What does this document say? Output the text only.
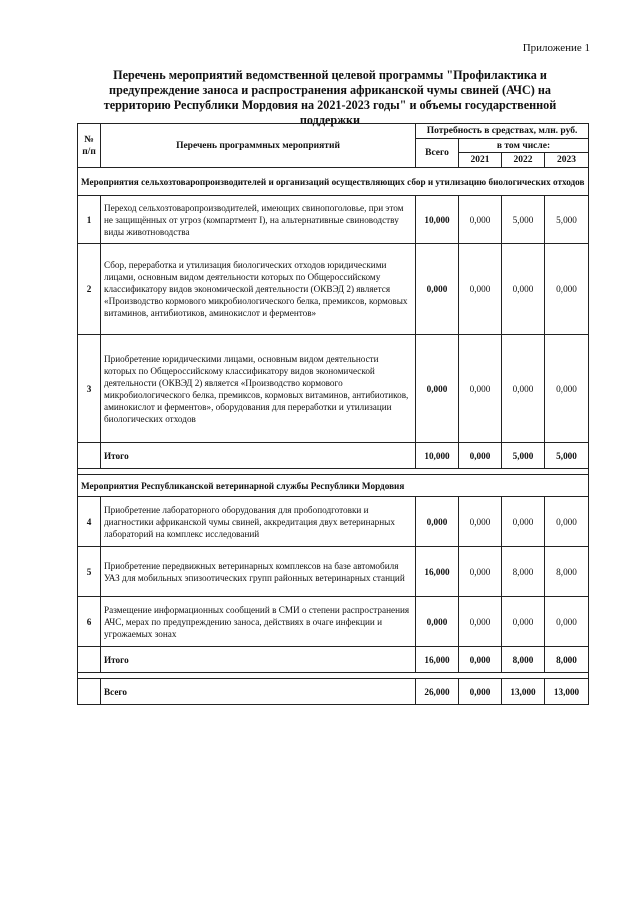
Приложение 1
Перечень мероприятий ведомственной целевой программы "Профилактика и предупреждение заноса и распространения африканской чумы свиней (АЧС) на территорию Республики Мордовия на 2021-2023 годы" и объемы государственной поддержки
№ п/п	Перечень программных мероприятий	Потребность в средствах, млн. руб.			
		Всего	в том числе:		
			2021	2022	2023
Мероприятия сельхозтоваропроизводителей и организаций осуществляющих сбор и утилизацию биологических отходов					
1	Переход сельхозтоваропроизводителей, имеющих свинопоголовье, при этом не защищённых от угроз (компартмент I), на альтернативные свиноводству виды животноводства	10,000	0,000	5,000	5,000
2	Сбор, переработка и утилизация биологических отходов юридическими лицами, основным видом деятельности которых по Общероссийскому классификатору видов экономической деятельности (ОКВЭД 2) является «Производство кормового микробиологического белка, премиксов, кормовых витаминов, антибиотиков, аминокислот и ферментов»	0,000	0,000	0,000	0,000
3	Приобретение юридическими лицами, основным видом деятельности которых по Общероссийскому классификатору видов экономической деятельности (ОКВЭД 2) является «Производство кормового микробиологического белка, премиксов, кормовых витаминов, антибиотиков, аминокислот и ферментов», оборудования для переработки и утилизации биологических отходов	0,000	0,000	0,000	0,000
	Итого	10,000	0,000	5,000	5,000

Мероприятия Республиканской ветеринарной службы Республики Мордовия					
4	Приобретение лабораторного оборудования для пробоподготовки и диагностики африканской чумы свиней, аккредитация двух ветеринарных лабораторий на комплекс исследований	0,000	0,000	0,000	0,000
5	Приобретение передвижных ветеринарных комплексов на базе автомобиля УАЗ для мобильных эпизоотических групп районных ветеринарных станций	16,000	0,000	8,000	8,000
6	Размещение информационных сообщений в СМИ о степени распространения АЧС, мерах по предупреждению заноса, действиях в очаге инфекции и угрожаемых зонах	0,000	0,000	0,000	0,000
	Итого	16,000	0,000	8,000	8,000

	Всего	26,000	0,000	13,000	13,000
